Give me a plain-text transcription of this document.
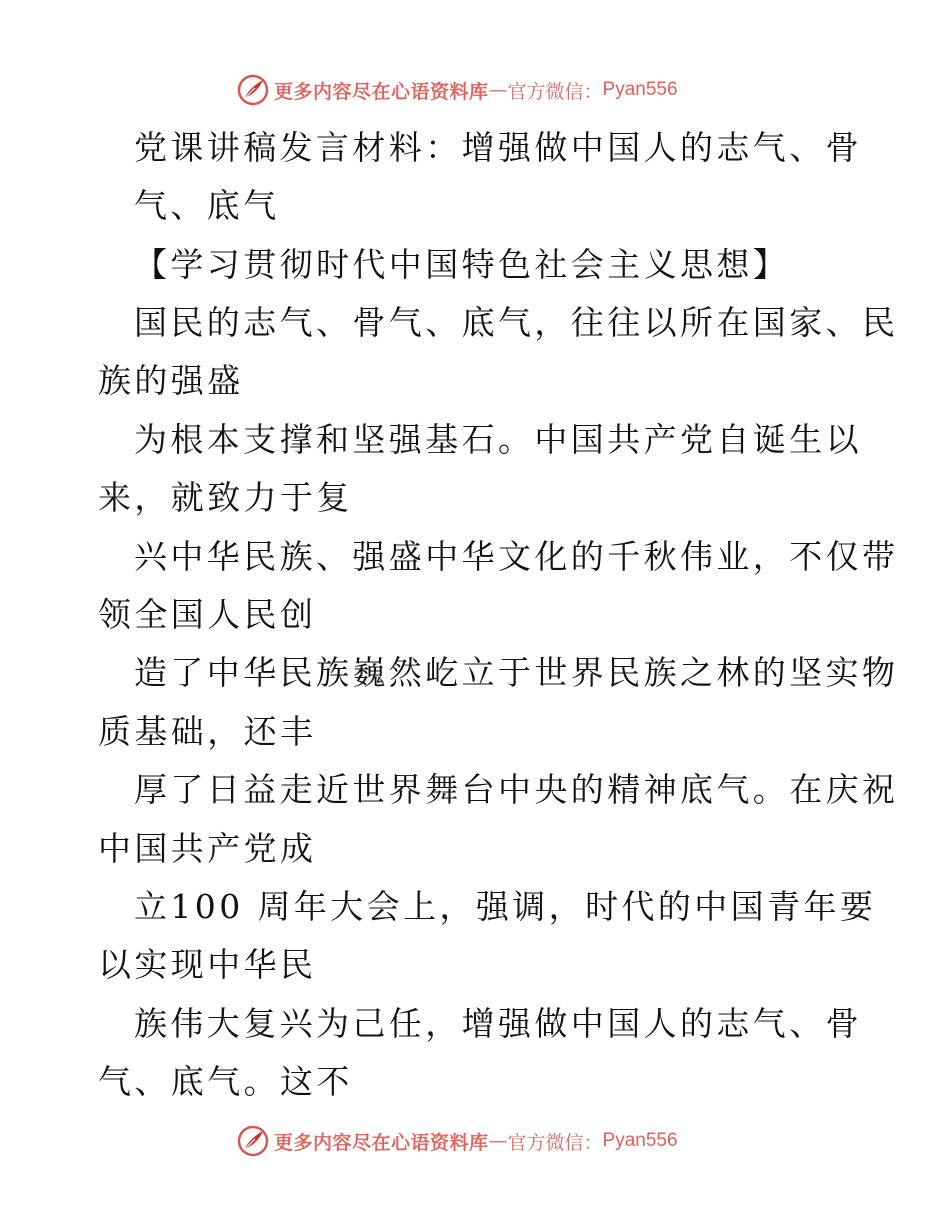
更多内容尽在心语资料库 — 官方微信： Pyan556
党课讲稿发言材料：增强做中国人的志气、骨
气、底气
【学习贯彻时代中国特色社会主义思想】
国民的志气、骨气、底气，往往以所在国家、民
族的强盛
为根本支撑和坚强基石。中国共产党自诞生以
来，就致力于复
兴中华民族、强盛中华文化的千秋伟业，不仅带
领全国人民创
造了中华民族巍然屹立于世界民族之林的坚实物
质基础，还丰
厚了日益走近世界舞台中央的精神底气。在庆祝
中国共产党成
立100 周年大会上，强调，时代的中国青年要
以实现中华民
族伟大复兴为己任，增强做中国人的志气、骨
气、底气。这不
更多内容尽在心语资料库 — 官方微信： Pyan556
